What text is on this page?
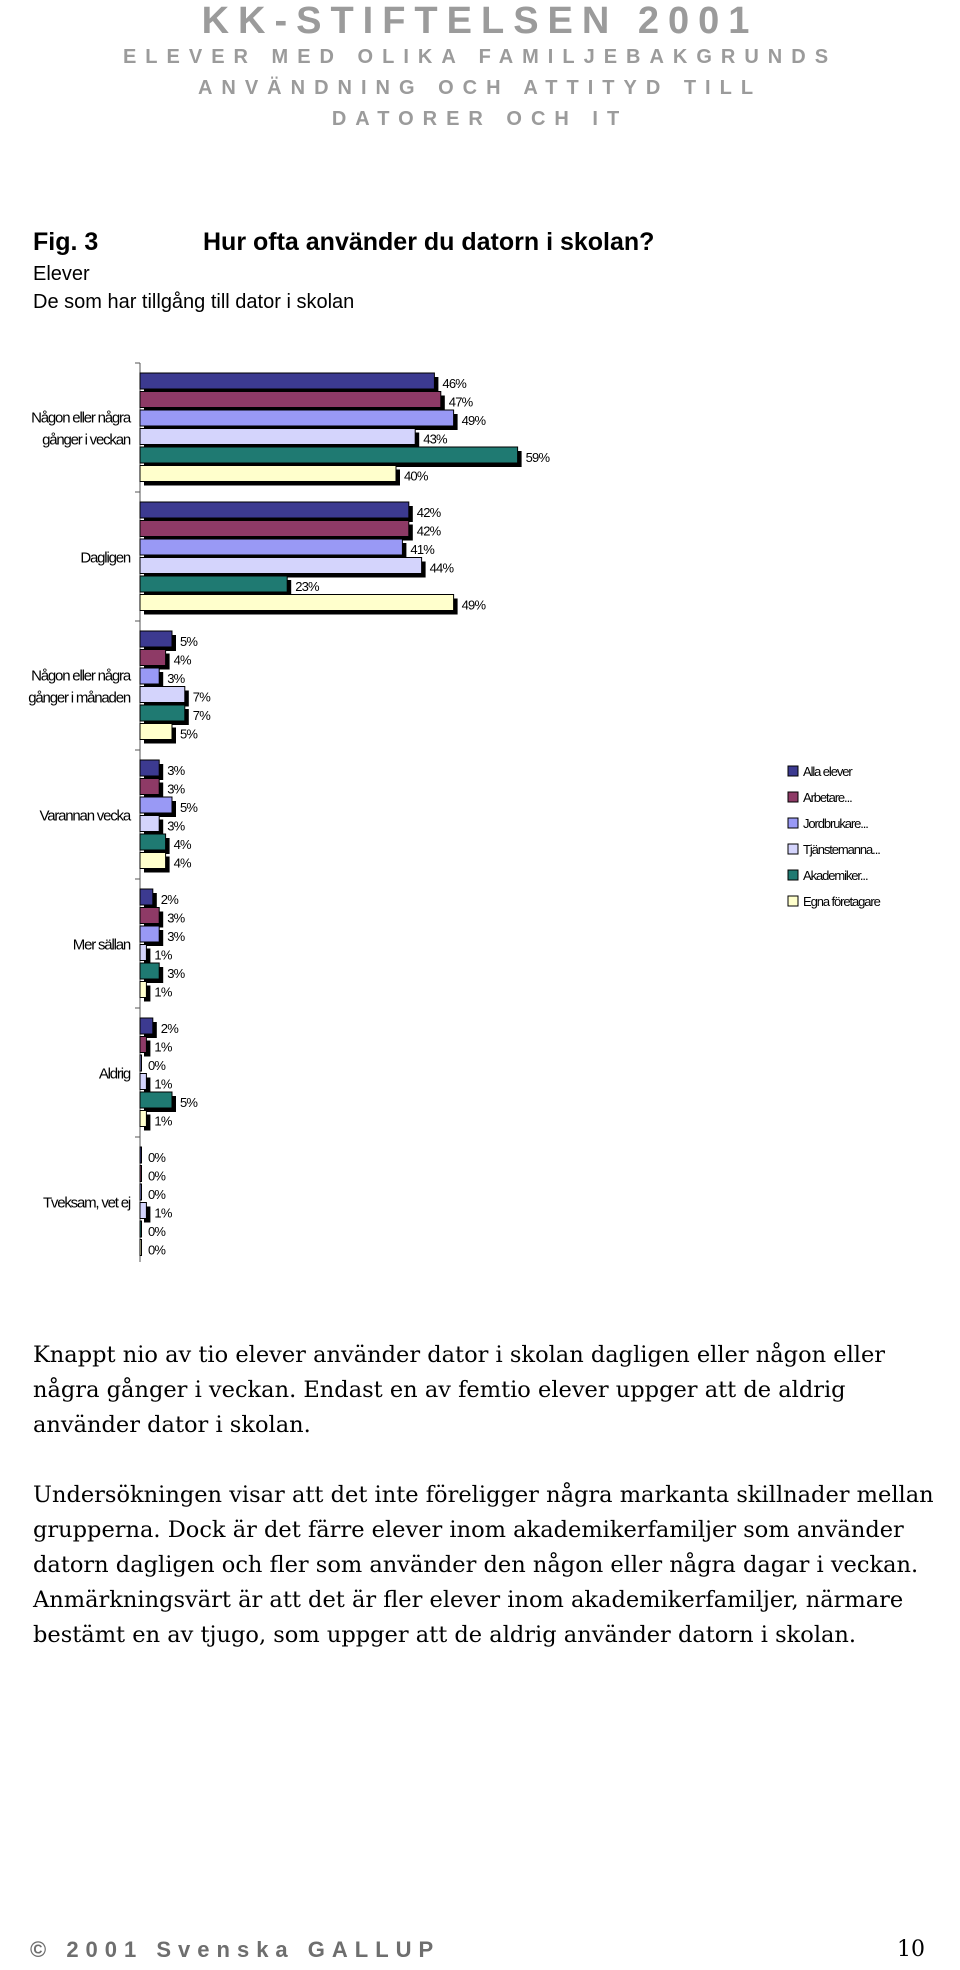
KK-STIFTELSEN 2001
ELEVER MED OLIKA FAMILJEBAKGRUNDS
ANVÄNDNING OCH ATTITYD TILL
DATORER OCH IT
Fig. 3	Hur ofta använder du datorn i skolan?
Elever
De som har tillgång till dator i skolan
Någon eller några gånger i veckan
46%
47%
49%
43%
59%
40%
Dagligen
42%
42%
41%
44%
23%
49%
Någon eller några gånger i månaden
5%
4%
3%
7%
7%
5%
Varannan vecka
3%
3%
5%
3%
4%
4%
Mer sällan
2%
3%
3%
1%
3%
1%
Aldrig
2%
1%
0%
1%
5%
1%
Tveksam, vet ej
0%
0%
0%
1%
0%
0%
Alla elever
Arbetare...
Jordbrukare...
Tjänstemanna...
Akademiker...
Egna företagare
Knappt nio av tio elever använder dator i skolan dagligen eller någon eller några gånger i veckan. Endast en av femtio elever uppger att de aldrig använder dator i skolan.
Undersökningen visar att det inte föreligger några markanta skillnader mellan grupperna. Dock är det färre elever inom akademikerfamiljer som använder datorn dagligen och fler som använder den någon eller några dagar i veckan. Anmärkningsvärt är att det är fler elever inom akademikerfamiljer, närmare bestämt en av tjugo, som uppger att de aldrig använder datorn i skolan.
© 2001 Svenska GALLUP	10
